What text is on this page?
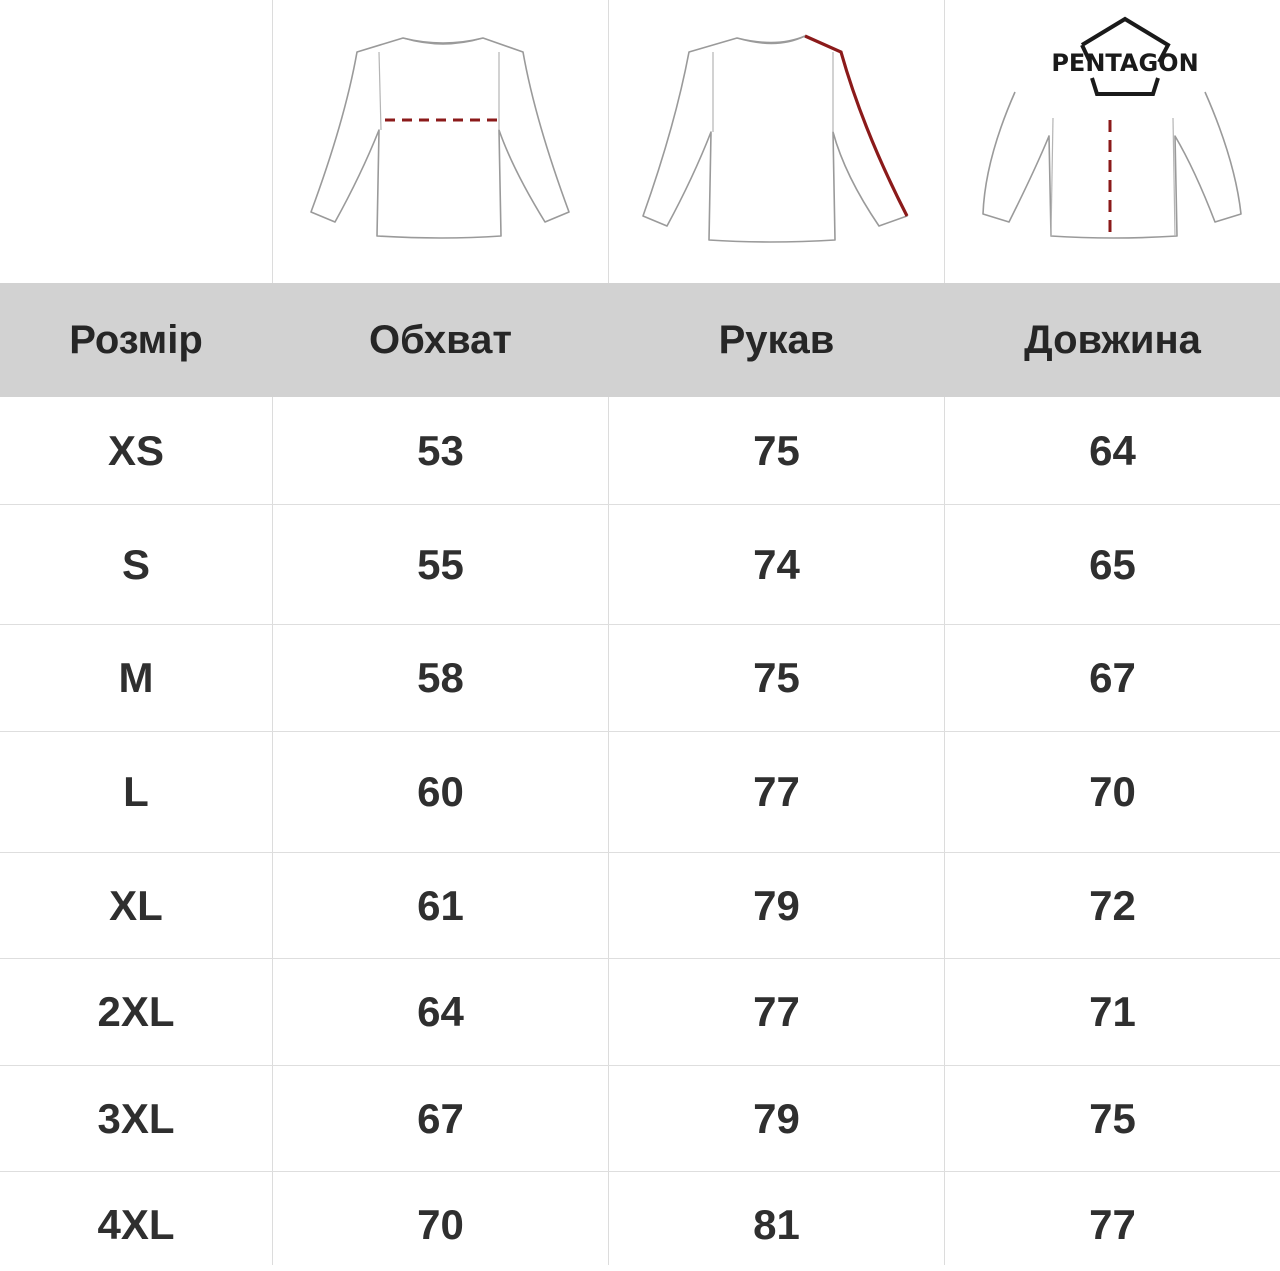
PENTAGON
Розмір	Обхват	Рукав	Довжина
XS	53	75	64
S	55	74	65
M	58	75	67
L	60	77	70
XL	61	79	72
2XL	64	77	71
3XL	67	79	75
4XL	70	81	77
